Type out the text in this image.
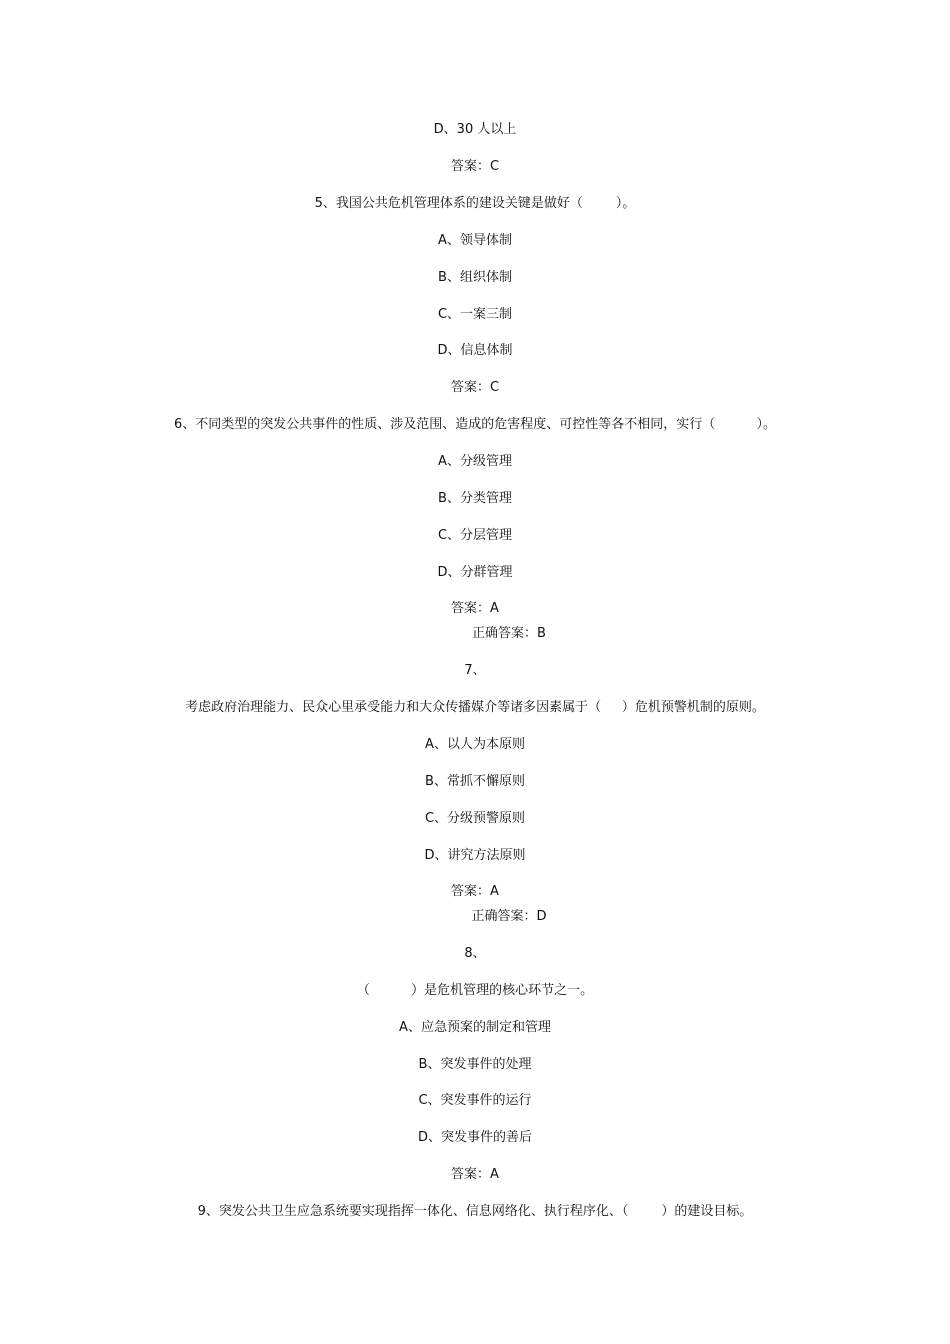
D、30 人以上
答案：C
5、我国公共危机管理体系的建设关键是做好（        ）。
A、领导体制
B、组织体制
C、一案三制
D、信息体制
答案：C
6、不同类型的突发公共事件的性质、涉及范围、造成的危害程度、可控性等各不相同，实行（          ）。
A、分级管理
B、分类管理
C、分层管理
D、分群管理
答案：A
正确答案：B
7、
考虑政府治理能力、民众心里承受能力和大众传播媒介等诸多因素属于（     ）危机预警机制的原则。
A、以人为本原则
B、常抓不懈原则
C、分级预警原则
D、讲究方法原则
答案：A
正确答案：D
8、
（          ）是危机管理的核心环节之一。
A、应急预案的制定和管理
B、突发事件的处理
C、突发事件的运行
D、突发事件的善后
答案：A
9、突发公共卫生应急系统要实现指挥一体化、信息网络化、执行程序化、（        ）的建设目标。
